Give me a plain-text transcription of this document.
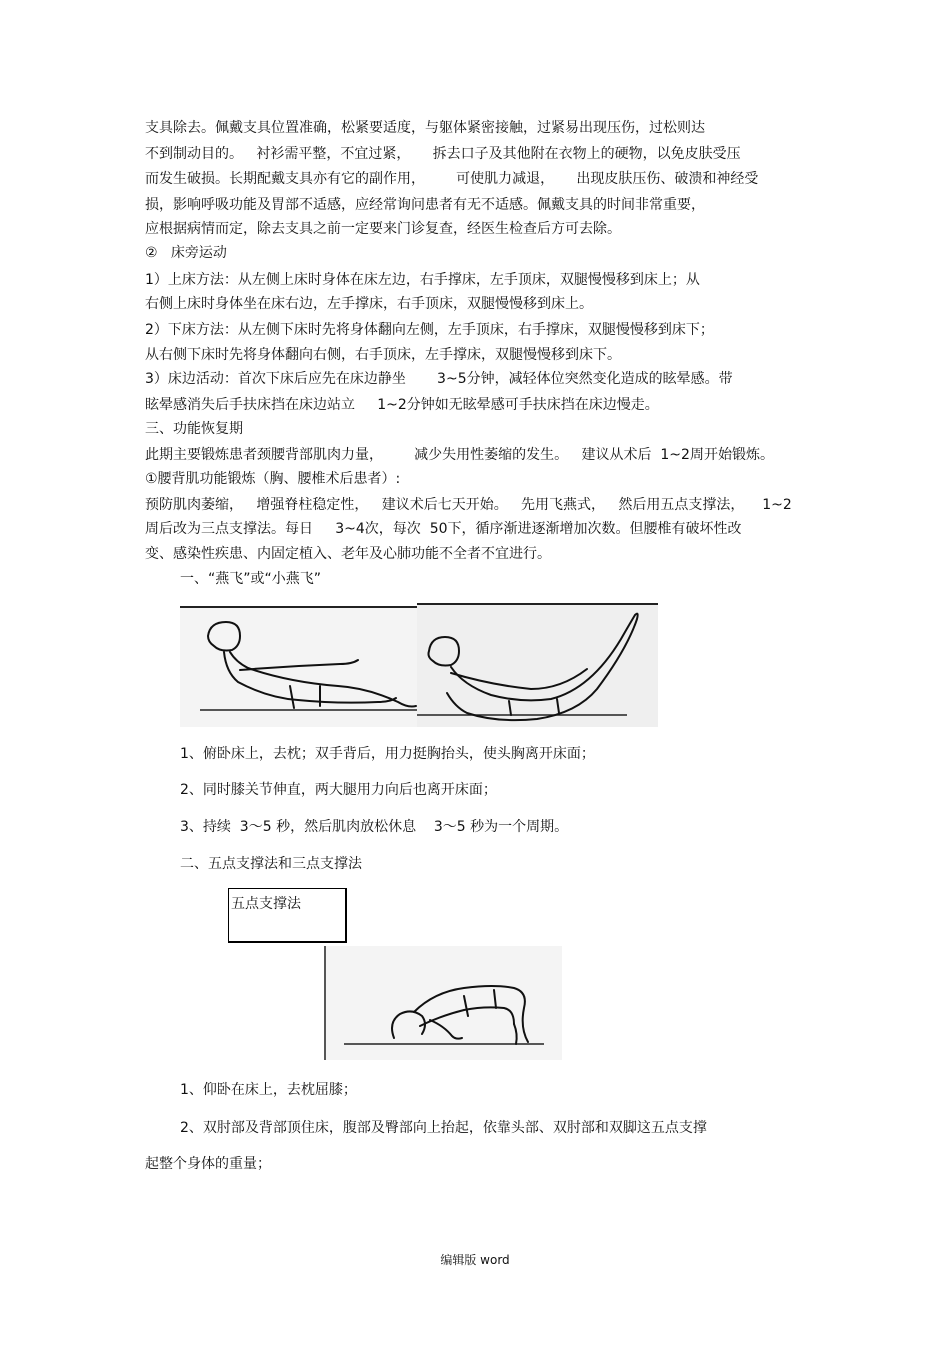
支具除去。佩戴支具位置准确，松紧要适度，与躯体紧密接触，过紧易出现压伤，过松则达
不到制动目的。   衬衫需平整，不宜过紧，     拆去口子及其他附在衣物上的硬物，以免皮肤受压
而发生破损。长期配戴支具亦有它的副作用，       可使肌力减退，     出现皮肤压伤、破溃和神经受
损，影响呼吸功能及胃部不适感，应经常询问患者有无不适感。佩戴支具的时间非常重要，
应根据病情而定，除去支具之前一定要来门诊复查，经医生检查后方可去除。
②   床旁运动
1）上床方法：从左侧上床时身体在床左边，右手撑床，左手顶床，双腿慢慢移到床上；从
右侧上床时身体坐在床右边，左手撑床，右手顶床，双腿慢慢移到床上。
2）下床方法：从左侧下床时先将身体翻向左侧，左手顶床，右手撑床，双腿慢慢移到床下；
从右侧下床时先将身体翻向右侧，右手顶床，左手撑床，双腿慢慢移到床下。
3）床边活动：首次下床后应先在床边静坐       3~5分钟，减轻体位突然变化造成的眩晕感。带
眩晕感消失后手扶床挡在床边站立     1~2分钟如无眩晕感可手扶床挡在床边慢走。
三、功能恢复期
此期主要锻炼患者颈腰背部肌肉力量，       减少失用性萎缩的发生。   建议从术后  1~2周开始锻炼。
①腰背肌功能锻炼（胸、腰椎术后患者）:
预防肌肉萎缩，   增强脊柱稳定性，   建议术后七天开始。   先用飞燕式，   然后用五点支撑法，    1~2
周后改为三点支撑法。每日     3~4次，每次  50下，循序渐进逐渐增加次数。但腰椎有破坏性改
变、感染性疾患、内固定植入、老年及心肺功能不全者不宜进行。
一、“燕飞”或“小燕飞”
1、俯卧床上，去枕；双手背后，用力挺胸抬头，使头胸离开床面；
2、同时膝关节伸直，两大腿用力向后也离开床面；
3、持续  3～5 秒，然后肌肉放松休息    3～5 秒为一个周期。
二、五点支撑法和三点支撑法
五点支撑法
1、仰卧在床上，去枕屈膝；
2、双肘部及背部顶住床，腹部及臀部向上抬起，依靠头部、双肘部和双脚这五点支撑
起整个身体的重量；
编辑版 word
